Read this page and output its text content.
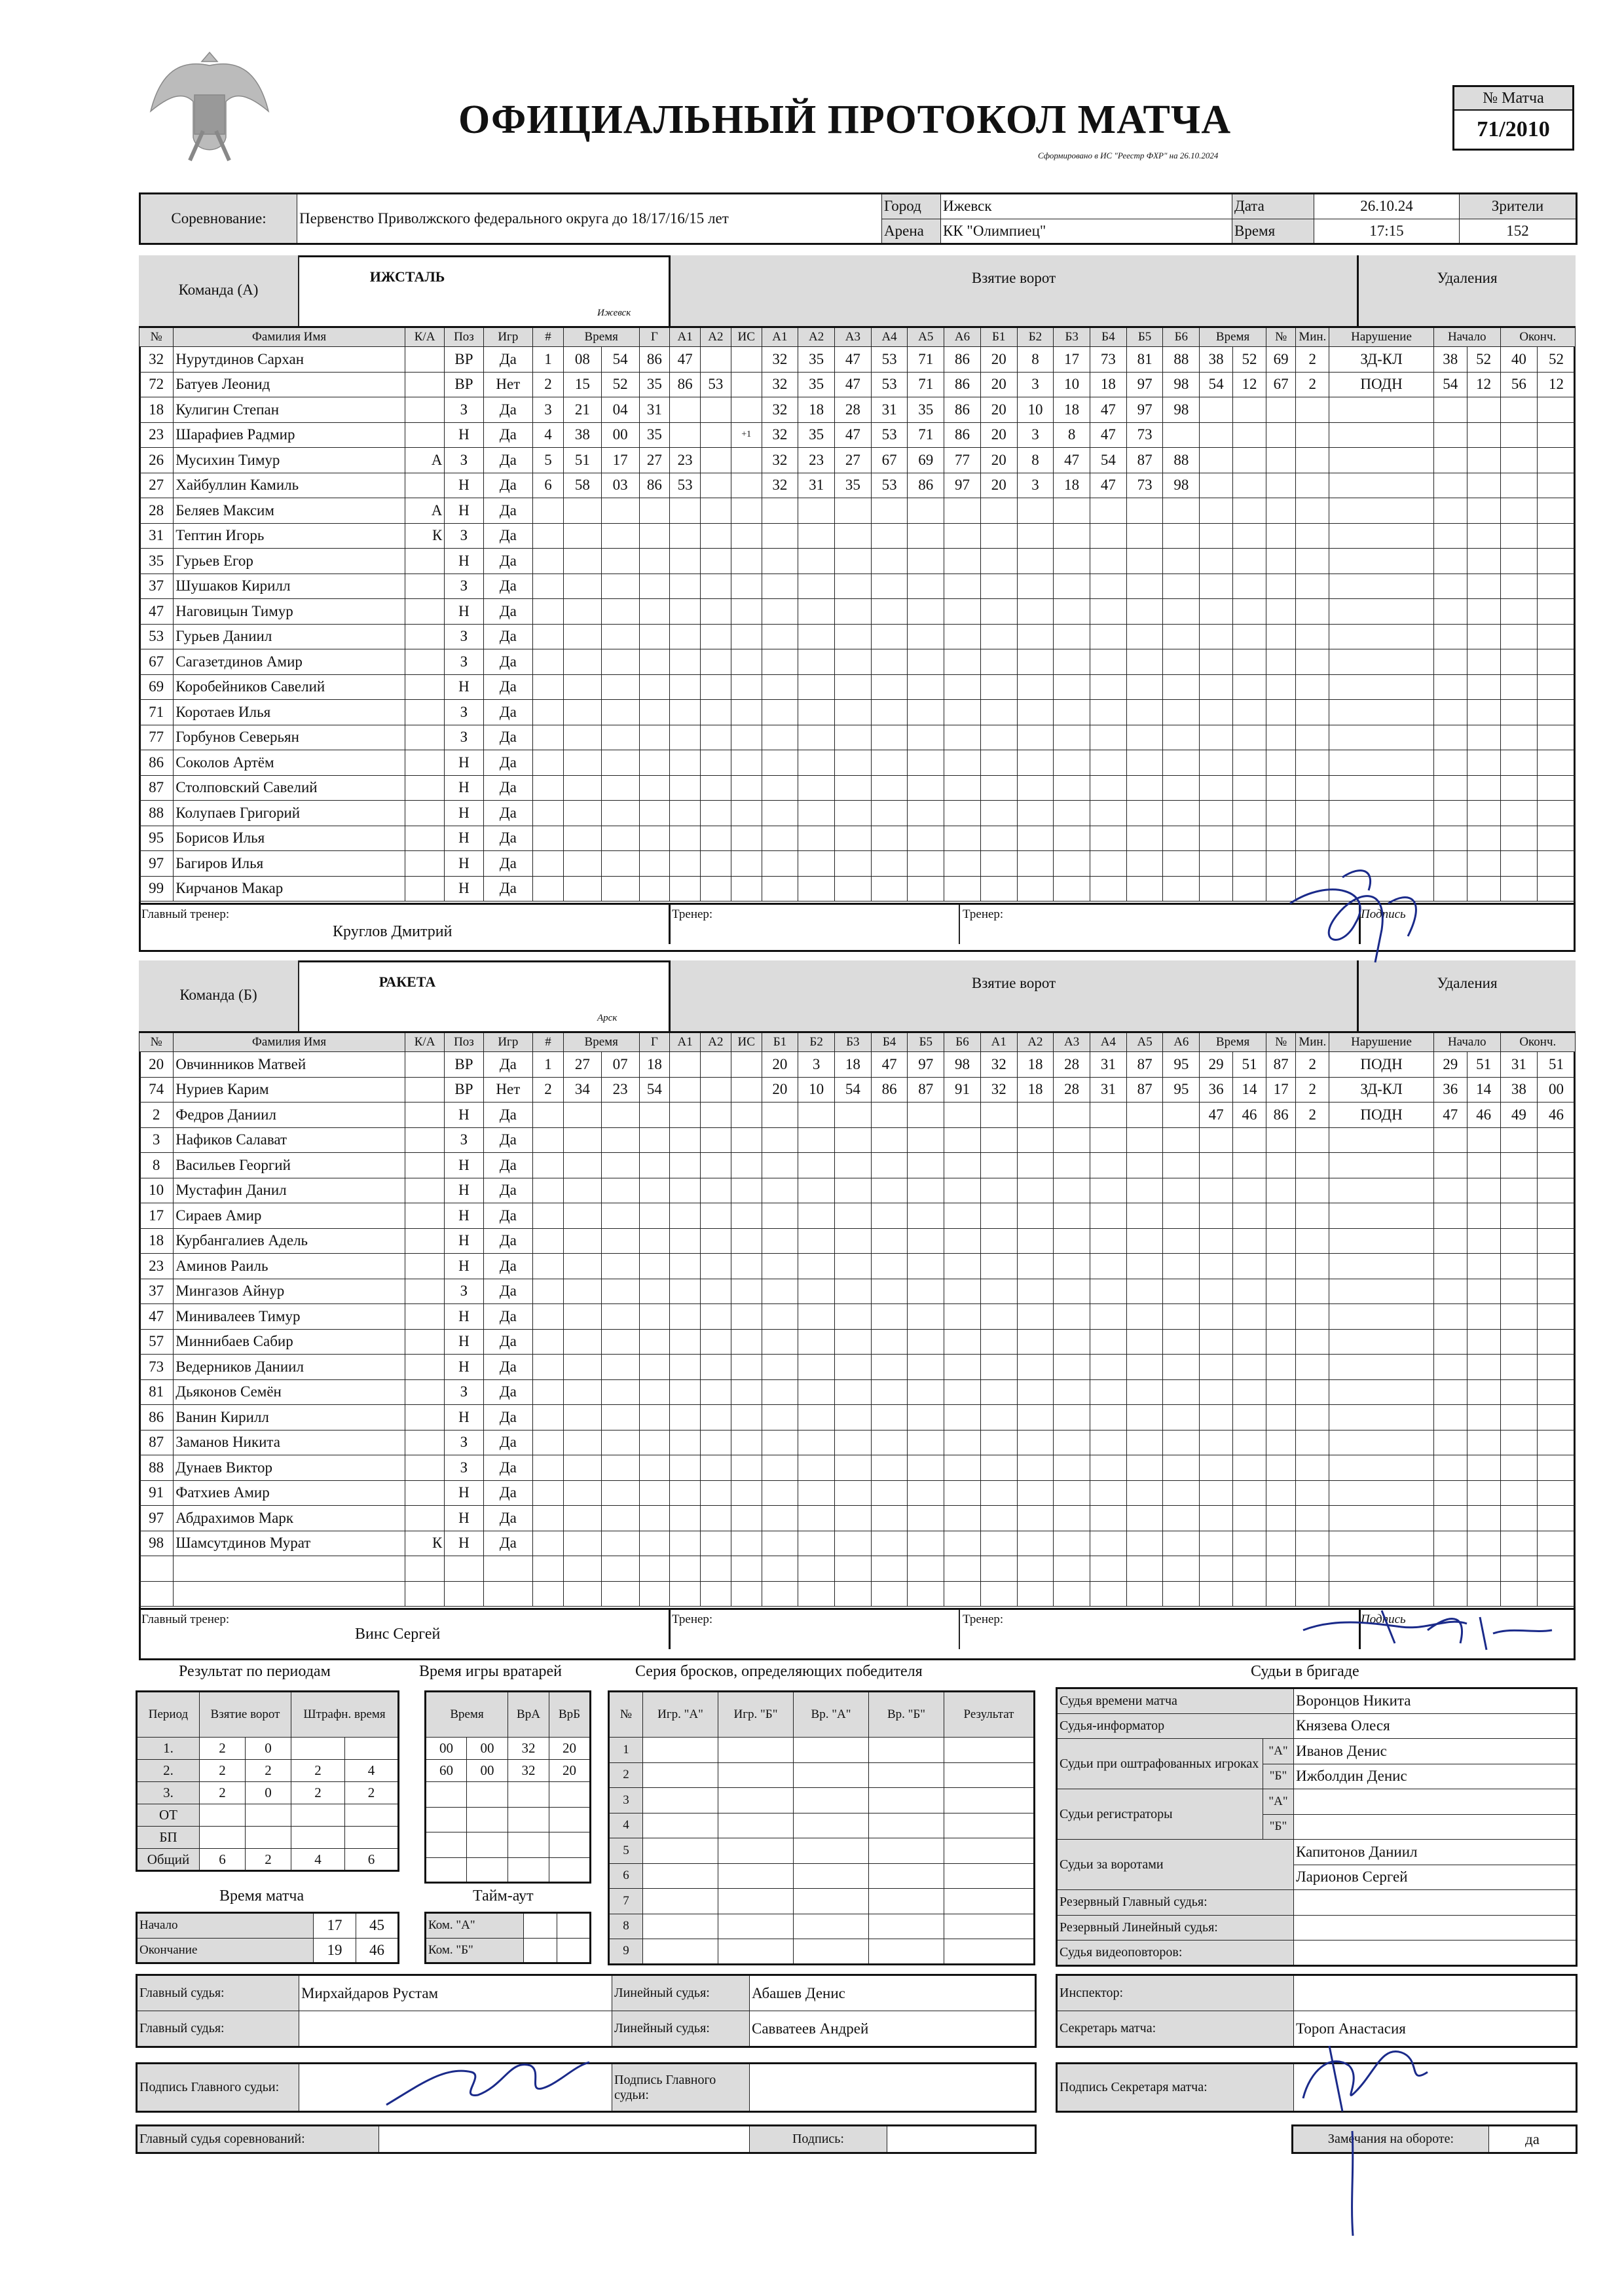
ОФИЦИАЛЬНЫЙ ПРОТОКОЛ МАТЧА
Сформировано в ИС "Реестр ФХР" на 26.10.2024
№ Матча
71/2010
Соревнование:	Первенство Приволжского федерального округа до 18/17/16/15 лет	Город	Ижевск	Дата	26.10.24	Зрители
		Арена	КК "Олимпиец"	Время	17:15	152
Команда (А)
ИЖСТАЛЬ
Ижевск
Взятие ворот	Удаления
№	Фамилия Имя	К/А	Поз	Игр	#	Время		Г	А1	А2	ИС	А1	А2	А3	А4	А5	А6	Б1	Б2	Б3	Б4	Б5	Б6	Время		№	Мин.	Нарушение	Начало		Оконч.	
32	Нурутдинов Сархан		ВР	Да	1	08	54	86	47			32	35	47	53	71	86	20	8	17	73	81	88	38	52	69	2	ЗД-КЛ	38	52	40	52
72	Батуев Леонид		ВР	Нет	2	15	52	35	86	53		32	35	47	53	71	86	20	3	10	18	97	98	54	12	67	2	ПОДН	54	12	56	12
18	Кулигин Степан		З	Да	3	21	04	31				32	18	28	31	35	86	20	10	18	47	97	98									
23	Шарафиев Радмир		Н	Да	4	38	00	35			+1	32	35	47	53	71	86	20	3	8	47	73										
26	Мусихин Тимур	А	З	Да	5	51	17	27	23			32	23	27	67	69	77	20	8	47	54	87	88									
27	Хайбуллин Камиль		Н	Да	6	58	03	86	53			32	31	35	53	86	97	20	3	18	47	73	98									
28	Беляев Максим	А	Н	Да																												
31	Тептин Игорь	К	З	Да																												
35	Гурьев Егор		Н	Да																												
37	Шушаков Кирилл		З	Да																												
47	Наговицын Тимур		Н	Да																												
53	Гурьев Даниил		З	Да																												
67	Сагазетдинов Амир		З	Да																												
69	Коробейников Савелий		Н	Да																												
71	Коротаев Илья		З	Да																												
77	Горбунов Северьян		З	Да																												
86	Соколов Артём		Н	Да																												
87	Столповский Савелий		Н	Да																												
88	Колупаев Григорий		Н	Да																												
95	Борисов Илья		Н	Да																												
97	Багиров Илья		Н	Да																												
99	Кирчанов Макар		Н	Да																												
Главный тренер:
Круглов Дмитрий
Тренер:	Тренер:	Подпись
Команда (Б)
РАКЕТА
Арск
Взятие ворот	Удаления
№	Фамилия Имя	К/А	Поз	Игр	#	Время		Г	А1	А2	ИС	Б1	Б2	Б3	Б4	Б5	Б6	А1	А2	А3	А4	А5	А6	Время		№	Мин.	Нарушение	Начало		Оконч.	
20	Овчинников Матвей		ВР	Да	1	27	07	18				20	3	18	47	97	98	32	18	28	31	87	95	29	51	87	2	ПОДН	29	51	31	51
74	Нуриев Карим		ВР	Нет	2	34	23	54				20	10	54	86	87	91	32	18	28	31	87	95	36	14	17	2	ЗД-КЛ	36	14	38	00
2	Федров Даниил		Н	Да																				47	46	86	2	ПОДН	47	46	49	46
3	Нафиков Салават		З	Да																												
8	Васильев Георгий		Н	Да																												
10	Мустафин Данил		Н	Да																												
17	Сираев Амир		Н	Да																												
18	Курбангалиев Адель		Н	Да																												
23	Аминов Раиль		Н	Да																												
37	Мингазов Айнур		З	Да																												
47	Минивалеев Тимур		Н	Да																												
57	Миннибаев Сабир		Н	Да																												
73	Ведерников Даниил		Н	Да																												
81	Дьяконов Семён		З	Да																												
86	Ванин Кирилл		Н	Да																												
87	Заманов Никита		З	Да																												
88	Дунаев Виктор		З	Да																												
91	Фатхиев Амир		Н	Да																												
97	Абдрахимов Марк		Н	Да																												
98	Шамсутдинов Мурат	К	Н	Да																												

Главный тренер:
Винс Сергей
Тренер:	Тренер:	Подпись
Результат по периодам
Период	Взятие ворот		Штрафн. время	
1.	2	0		
2.	2	2	2	4
3.	2	0	2	2
ОТ				
БП				
Общий	6	2	4	6
Время матча
Начало	17	45
Окончание	19	46
Время игры вратарей
Время		ВрА	ВрБ
00	00	32	20
60	00	32	20

Тайм-аут
Ком. "А"		
Ком. "Б"		
Серия бросков, определяющих победителя
№	Игр. "А"	Игр. "Б"	Вр. "А"	Вр. "Б"	Результат
1					
2					
3					
4					
5					
6					
7					
8					
9					
Судьи в бригаде
Судья времени матча		Воронцов Никита
Судья-информатор		Князева Олеся
Судьи при оштрафованных игроках	"А"	Иванов Денис
	"Б"	Ижболдин Денис
Судьи регистраторы	"А"	
	"Б"	
Судьи за воротами		Капитонов Даниил
		Ларионов Сергей
Резервный Главный судья:		
Резервный Линейный судья:		
Судья видеоповторов:		
Главный судья:	Мирхайдаров Рустам	Линейный судья:	Абашев Денис
Главный судья:		Линейный судья:	Савватеев Андрей
Инспектор:	
Секретарь матча:	Тороп Анастасия
Подпись Главного судьи:		Подпись Главного судьи:	
Подпись Секретаря матча:	
Главный судья соревнований:		Подпись:		Замечания на обороте:	да
